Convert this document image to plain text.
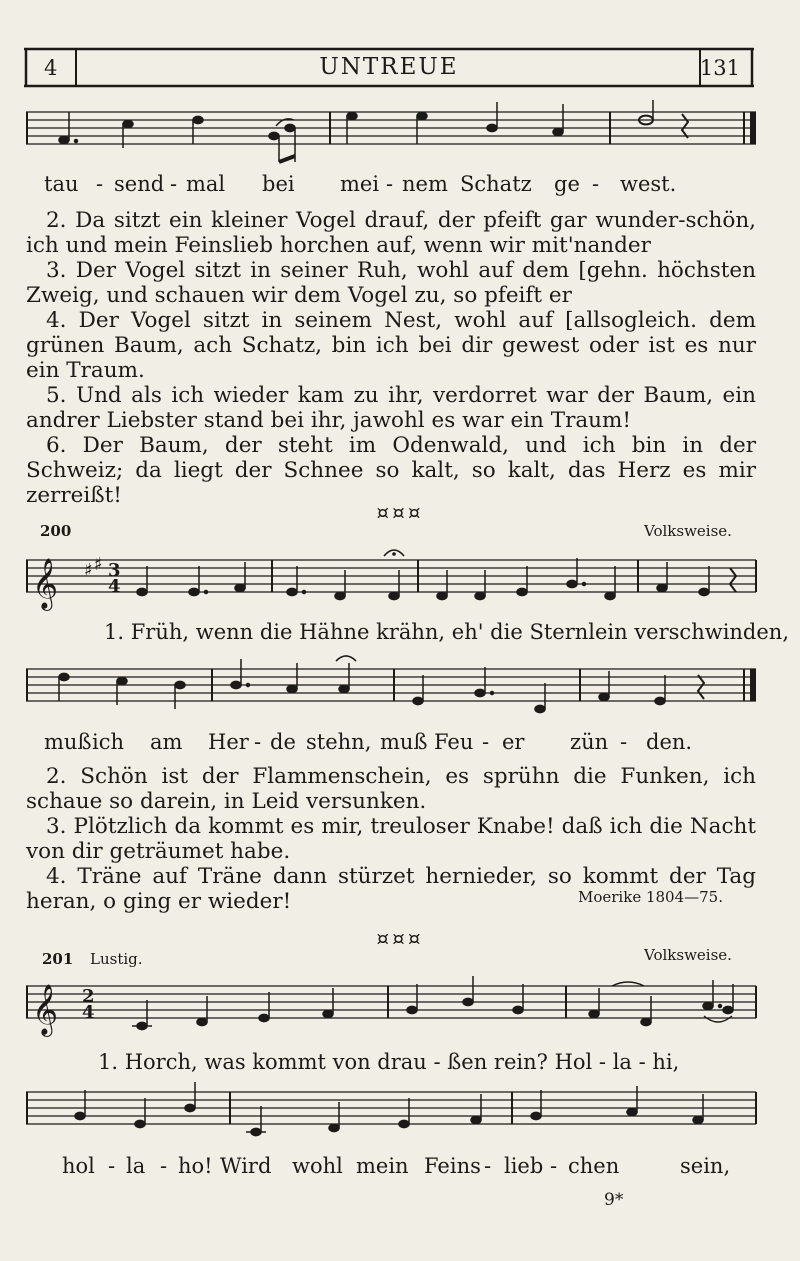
4	UNTREUE	131
tau - send - mal bei mei - nem Schatz ge - west.

2. Da sitzt ein kleiner Vogel drauf, der pfeift gar wunder-schön, ich und mein Feinslieb horchen auf, wenn wir mit'nander

3. Der Vogel sitzt in seiner Ruh, wohl auf dem [gehn. höchsten Zweig, und schauen wir dem Vogel zu, so pfeift er

4. Der Vogel sitzt in seinem Nest, wohl auf [allsogleich. dem grünen Baum, ach Schatz, bin ich bei dir gewest oder ist es nur ein Traum.

5. Und als ich wieder kam zu ihr, verdorret war der Baum, ein andrer Liebster stand bei ihr, jawohl es war ein Traum!

6. Der Baum, der steht im Odenwald, und ich bin in der Schweiz; da liegt der Schnee so kalt, so kalt, das Herz es mir zerreißt!

¤¤¤
200	Volksweise.
𝄞 ♯ ♯ 3
4
1. Früh, wenn die Hähne krähn, eh' die Sternlein verschwinden,
muß ich am Her - de stehn, muß Feu - er zün - den.

2. Schön ist der Flammenschein, es sprühn die Funken, ich schaue so darein, in Leid versunken.

3. Plötzlich da kommt es mir, treuloser Knabe! daß ich die Nacht von dir geträumet habe.

4. Träne auf Träne dann stürzet hernieder, so kommt der Tag heran, o ging er wieder!	Moerike 1804—75.
¤¤¤
201 Lustig.	Volksweise.
𝄞 2
4
1. Horch, was kommt von drau - ßen rein? Hol - la - hi,
hol - la - ho! Wird wohl mein Feins - lieb - chen	sein,
9*
